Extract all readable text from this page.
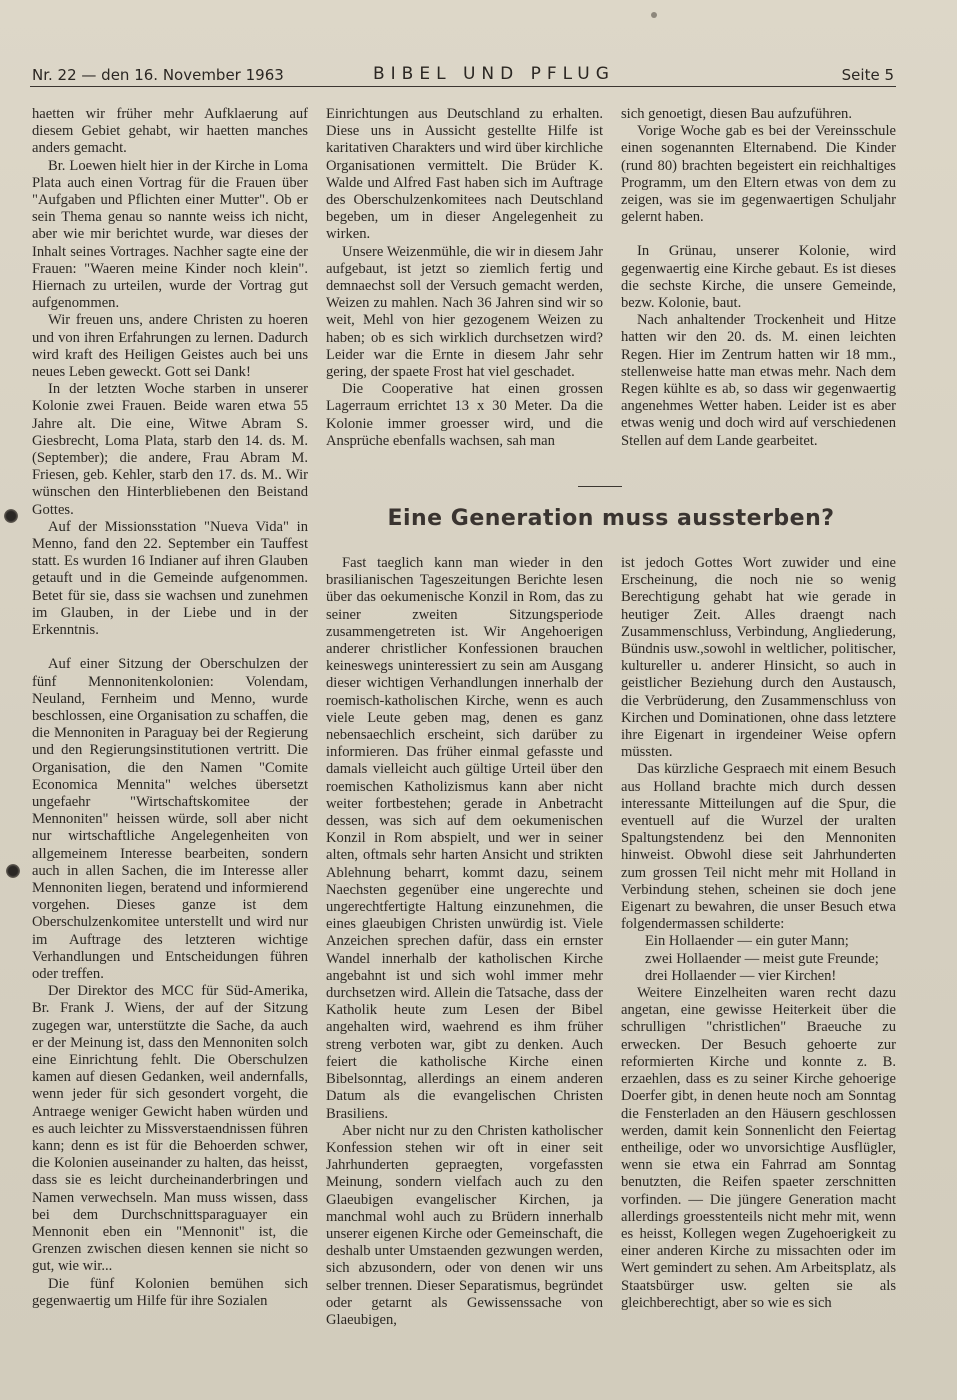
Nr. 22 — den 16. November 1963	BIBEL UND PFLUG	Seite 5

haetten wir früher mehr Aufklaerung auf diesem Gebiet gehabt, wir haetten manches anders gemacht.

Br. Loewen hielt hier in der Kirche in Loma Plata auch einen Vortrag für die Frauen über "Aufgaben und Pflichten einer Mutter". Ob er sein Thema genau so nannte weiss ich nicht, aber wie mir berichtet wurde, war dieses der Inhalt seines Vortrages. Nachher sagte eine der Frauen: "Waeren meine Kinder noch klein". Hiernach zu urteilen, wurde der Vortrag gut aufgenommen.

Wir freuen uns, andere Christen zu hoeren und von ihren Erfahrungen zu lernen. Dadurch wird kraft des Heiligen Geistes auch bei uns neues Leben geweckt. Gott sei Dank!

In der letzten Woche starben in unserer Kolonie zwei Frauen. Beide waren etwa 55 Jahre alt. Die eine, Witwe Abram S. Giesbrecht, Loma Plata, starb den 14. ds. M. (September); die andere, Frau Abram M. Friesen, geb. Kehler, starb den 17. ds. M.. Wir wünschen den Hinterbliebenen den Beistand Gottes.

Auf der Missionsstation "Nueva Vida" in Menno, fand den 22. September ein Tauffest statt. Es wurden 16 Indianer auf ihren Glauben getauft und in die Gemeinde aufgenommen. Betet für sie, dass sie wachsen und zunehmen im Glauben, in der Liebe und in der Erkenntnis.

Auf einer Sitzung der Oberschulzen der fünf Mennonitenkolonien: Volendam, Neuland, Fernheim und Menno, wurde beschlossen, eine Organisation zu schaffen, die die Mennoniten in Paraguay bei der Regierung und den Regierungsinstitutionen vertritt. Die Organisation, die den Namen "Comite Economica Mennita" welches übersetzt ungefaehr "Wirtschaftskomitee der Mennoniten" heissen würde, soll aber nicht nur wirtschaftliche Angelegenheiten von allgemeinem Interesse bearbeiten, sondern auch in allen Sachen, die im Interesse aller Mennoniten liegen, beratend und informierend vorgehen. Dieses ganze ist dem Oberschulzenkomitee unterstellt und wird nur im Auftrage des letzteren wichtige Verhandlungen und Entscheidungen führen oder treffen.

Der Direktor des MCC für Süd-Amerika, Br. Frank J. Wiens, der auf der Sitzung zugegen war, unterstützte die Sache, da auch er der Meinung ist, dass den Mennoniten solch eine Einrichtung fehlt. Die Oberschulzen kamen auf diesen Gedanken, weil andernfalls, wenn jeder für sich gesondert vorgeht, die Antraege weniger Gewicht haben würden und es auch leichter zu Missverstaendnissen führen kann; denn es ist für die Behoerden schwer, die Kolonien auseinander zu halten, das heisst, dass sie es leicht durcheinanderbringen und Namen verwechseln. Man muss wissen, dass bei dem Durchschnittsparaguayer ein Mennonit eben ein "Mennonit" ist, die Grenzen zwischen diesen kennen sie nicht so gut, wie wir...

Die fünf Kolonien bemühen sich gegenwaertig um Hilfe für ihre Sozialen

Einrichtungen aus Deutschland zu erhalten. Diese uns in Aussicht gestellte Hilfe ist karitativen Charakters und wird über kirchliche Organisationen vermittelt. Die Brüder K. Walde und Alfred Fast haben sich im Auftrage des Oberschulzenkomitees nach Deutschland begeben, um in dieser Angelegenheit zu wirken.

Unsere Weizenmühle, die wir in diesem Jahr aufgebaut, ist jetzt so ziemlich fertig und demnaechst soll der Versuch gemacht werden, Weizen zu mahlen. Nach 36 Jahren sind wir so weit, Mehl von hier gezogenem Weizen zu haben; ob es sich wirklich durchsetzen wird? Leider war die Ernte in diesem Jahr sehr gering, der spaete Frost hat viel geschadet.

Die Cooperative hat einen grossen Lagerraum errichtet 13 x 30 Meter. Da die Kolonie immer groesser wird, und die Ansprüche ebenfalls wachsen, sah man

sich genoetigt, diesen Bau aufzuführen.

Vorige Woche gab es bei der Vereinsschule einen sogenannten Elternabend. Die Kinder (rund 80) brachten begeistert ein reichhaltiges Programm, um den Eltern etwas von dem zu zeigen, was sie im gegenwaertigen Schuljahr gelernt haben.

In Grünau, unserer Kolonie, wird gegenwaertig eine Kirche gebaut. Es ist dieses die sechste Kirche, die unsere Gemeinde, bezw. Kolonie, baut.

Nach anhaltender Trockenheit und Hitze hatten wir den 20. ds. M. einen leichten Regen. Hier im Zentrum hatten wir 18 mm., stellenweise hatte man etwas mehr. Nach dem Regen kühlte es ab, so dass wir gegenwaertig angenehmes Wetter haben. Leider ist es aber etwas wenig und doch wird auf verschiedenen Stellen auf dem Lande gearbeitet.

Eine Generation muss aussterben?

Fast taeglich kann man wieder in den brasilianischen Tageszeitungen Berichte lesen über das oekumenische Konzil in Rom, das zu seiner zweiten Sitzungsperiode zusammengetreten ist. Wir Angehoerigen anderer christlicher Konfessionen brauchen keineswegs uninteressiert zu sein am Ausgang dieser wichtigen Verhandlungen innerhalb der roemisch-katholischen Kirche, wenn es auch viele Leute geben mag, denen es ganz nebensaechlich erscheint, sich darüber zu informieren. Das früher einmal gefasste und damals vielleicht auch gültige Urteil über den roemischen Katholizismus kann aber nicht weiter fortbestehen; gerade in Anbetracht dessen, was sich auf dem oekumenischen Konzil in Rom abspielt, und wer in seiner alten, oftmals sehr harten Ansicht und strikten Ablehnung beharrt, kommt dazu, seinem Naechsten gegenüber eine ungerechte und ungerechtfertigte Haltung einzunehmen, die eines glaeubigen Christen unwürdig ist. Viele Anzeichen sprechen dafür, dass ein ernster Wandel innerhalb der katholischen Kirche angebahnt ist und sich wohl immer mehr durchsetzen wird. Allein die Tatsache, dass der Katholik heute zum Lesen der Bibel angehalten wird, waehrend es ihm früher streng verboten war, gibt zu denken. Auch feiert die katholische Kirche einen Bibelsonntag, allerdings an einem anderen Datum als die evangelischen Christen Brasiliens.

Aber nicht nur zu den Christen katholischer Konfession stehen wir oft in einer seit Jahrhunderten gepraegten, vorgefassten Meinung, sondern vielfach auch zu den Glaeubigen evangelischer Kirchen, ja manchmal wohl auch zu Brüdern innerhalb unserer eigenen Kirche oder Gemeinschaft, die deshalb unter Umstaenden gezwungen werden, sich abzusondern, oder von denen wir uns selber trennen. Dieser Separatismus, begründet oder getarnt als Gewissenssache von Glaeubigen,

ist jedoch Gottes Wort zuwider und eine Erscheinung, die noch nie so wenig Berechtigung gehabt hat wie gerade in heutiger Zeit. Alles draengt nach Zusammenschluss, Verbindung, Angliederung, Bündnis usw.,sowohl in weltlicher, politischer, kultureller u. anderer Hinsicht, so auch in geistlicher Beziehung durch den Austausch, die Verbrüderung, den Zusammenschluss von Kirchen und Dominationen, ohne dass letztere ihre Eigenart in irgendeiner Weise opfern müssten.

Das kürzliche Gespraech mit einem Besuch aus Holland brachte mich durch dessen interessante Mitteilungen auf die Spur, die eventuell auf die Wurzel der uralten Spaltungstendenz bei den Mennoniten hinweist. Obwohl diese seit Jahrhunderten zum grossen Teil nicht mehr mit Holland in Verbindung stehen, scheinen sie doch jene Eigenart zu bewahren, die unser Besuch etwa folgendermassen schilderte:

Ein Hollaender — ein guter Mann;

zwei Hollaender — meist gute Freunde;

drei Hollaender — vier Kirchen!

Weitere Einzelheiten waren recht dazu angetan, eine gewisse Heiterkeit über die schrulligen "christlichen" Braeuche zu erwecken. Der Besuch gehoerte zur reformierten Kirche und konnte z. B. erzaehlen, dass es zu seiner Kirche gehoerige Doerfer gibt, in denen heute noch am Sonntag die Fensterladen an den Häusern geschlossen werden, damit kein Sonnenlicht den Feiertag entheilige, oder wo unvorsichtige Ausflügler, wenn sie etwa ein Fahrrad am Sonntag benutzten, die Reifen spaeter zerschnitten vorfinden. — Die jüngere Generation macht allerdings groesstenteils nicht mehr mit, wenn es heisst, Kollegen wegen Zugehoerigkeit zu einer anderen Kirche zu missachten oder im Wert gemindert zu sehen. Am Arbeitsplatz, als Staatsbürger usw. gelten sie als gleichberechtigt, aber so wie es sich
